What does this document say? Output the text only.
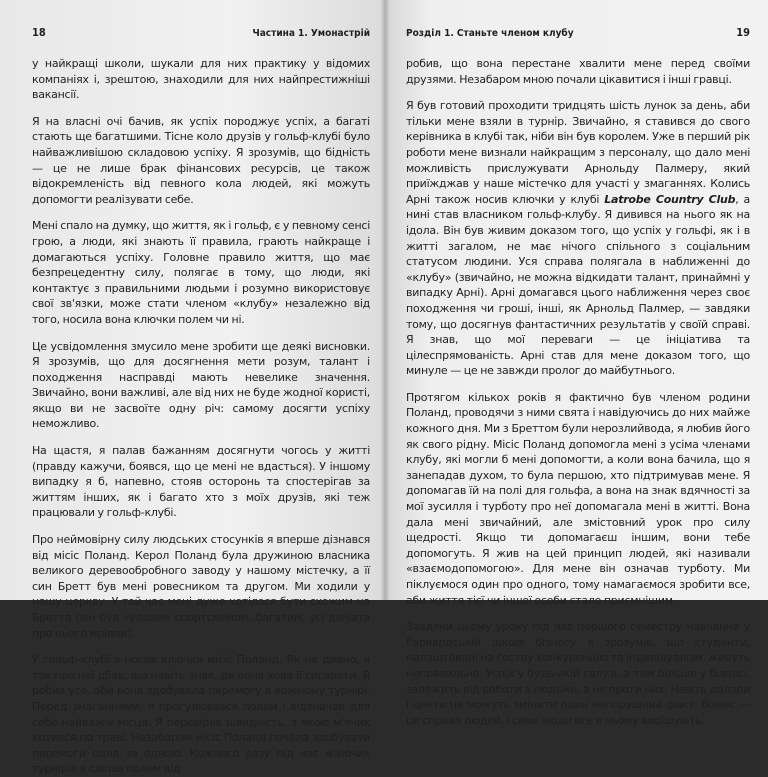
18	Частина 1. Умонастрій

у найкращі школи, шукали для них практику у відомих компаніях і, зрештою, знаходили для них найпрестижніші вакансії.

Я на власні очі бачив, як успіх породжує успіх, а багаті стають ще багатшими. Тісне коло друзів у гольф-клубі було найважливішою складовою успіху. Я зрозумів, що бідність — це не лише брак фінансових ресурсів, це також відокремленість від певного кола людей, які можуть допомогти реалізувати себе.

Мені спало на думку, що життя, як і гольф, є у певному сенсі грою, а люди, які знають її правила, грають найкраще і домагаються успіху. Головне правило життя, що має безпрецедентну силу, полягає в тому, що люди, які контактує з правильними людьми і розумно використовує свої зв'язки, може стати членом «клубу» незалежно від того, носила вона ключки полем чи ні.

Це усвідомлення змусило мене зробити ще деякі висновки. Я зрозумів, що для досягнення мети розум, талант і походження насправді мають невелике значення. Звичайно, вони важливі, але від них не буде жодної користі, якщо ви не засвоїте одну річ: самому досягти успіху неможливо.

На щастя, я палав бажанням досягнути чогось у житті (правду кажучи, боявся, що це мені не вдасться). У іншому випадку я б, напевно, стояв осторонь та спостерігав за життям інших, як і багато хто з моїх друзів, які теж працювали у гольф-клубі.

Про неймовірну силу людських стосунків я вперше дізнався від місіс Поланд. Керол Поланд була дружиною власника великого деревообробного заводу у нашому містечку, а її син Бретт був мені ровесником та другом. Ми ходили у нашу церкву. У той час мені дуже хотілося бути схожим на Бретта (він був чудовим спортсменом, багатим, усі дівчата про нього мріяли).

У гольф-клубі я носив ключки місіс Поланд. Як не дивно, я так про неї дбав, що навіть знав, де вона хова її сигарети. Я робив усе, аби вона здобувала перемогу в кожному турнірі. Перед змаганнями, я прогулювався полем і відзначав для себе найважчі місця. Я перевіряв швидкість, з якою м'ячик котився по траві. Незабаром місіс Поланд почала здобувати перемоги одна за одною. Кожного разу під час жіночих турнірів я сліпав полем від

Розділ 1. Станьте членом клубу	19

робив, що вона перестане хвалити мене перед своїми друзями. Незабаром мною почали цікавитися і інші гравці.

Я був готовий проходити тридцять шість лунок за день, аби тільки мене взяли в турнір. Звичайно, я ставився до свого керівника в клубі так, ніби він був королем. Уже в перший рік роботи мене визнали найкращим з персоналу, що дало мені можливість прислужувати Арнольду Палмеру, який приїжджав у наше містечко для участі у змаганнях. Колись Арні також носив ключки у клубі Latrobe Country Club, а нині став власником гольф-клубу. Я дивився на нього як на ідола. Він був живим доказом того, що успіх у гольфі, як і в житті загалом, не має нічого спільного з соціальним статусом людини. Уся справа полягала в наближенні до «клубу» (звичайно, не можна відкидати талант, принаймні у випадку Арні). Арні домагався цього наближення через своє походження чи гроші, інші, як Арнольд Палмер, — завдяки тому, що досягнув фантастичних результатів у своїй справі. Я знав, що мої переваги — це ініціатива та цілеспрямованість. Арні став для мене доказом того, що минуле — це не завжди пролог до майбутнього.

Протягом кількох років я фактично був членом родини Поланд, проводячи з ними свята і навідуючись до них майже кожного дня. Ми з Бреттом були нерозлийвода, я любив його як свого рідну. Місіс Поланд допомогла мені з усіма членами клубу, які могли б мені допомогти, а коли вона бачила, що я занепадав духом, то була першою, хто підтримував мене. Я допомагав їй на полі для гольфа, а вона на знак вдячності за мої зусилля і турботу про неї допомагала мені в житті. Вона дала мені звичайний, але змістовний урок про силу щедрості. Якщо ти допомагаєш іншим, вони тебе допомогуть. Я жив на цей принцип людей, які називали «взаємодопомогою». Для мене він означав турботу. Ми піклуємося один про одного, тому намагаємося зробити все, аби життя тієї чи іншої особи стало приємнішим.

Завдяки цьому уроку під час першого семестру навчання у Гарвардській школі бізнесу я зрозумів, що студенти, налаштовані на гостру конкуренцію та індивідуалізм, живуть неправильно. Успіх у будь-якій галузі, а тим більше у бізнесі, залежить від роботи з людьми, а не проти них. Навіть долари і центи не можуть змінити один непорушний факт: бізнес — це справа людей, і саме люди все в ньому вирішують.
